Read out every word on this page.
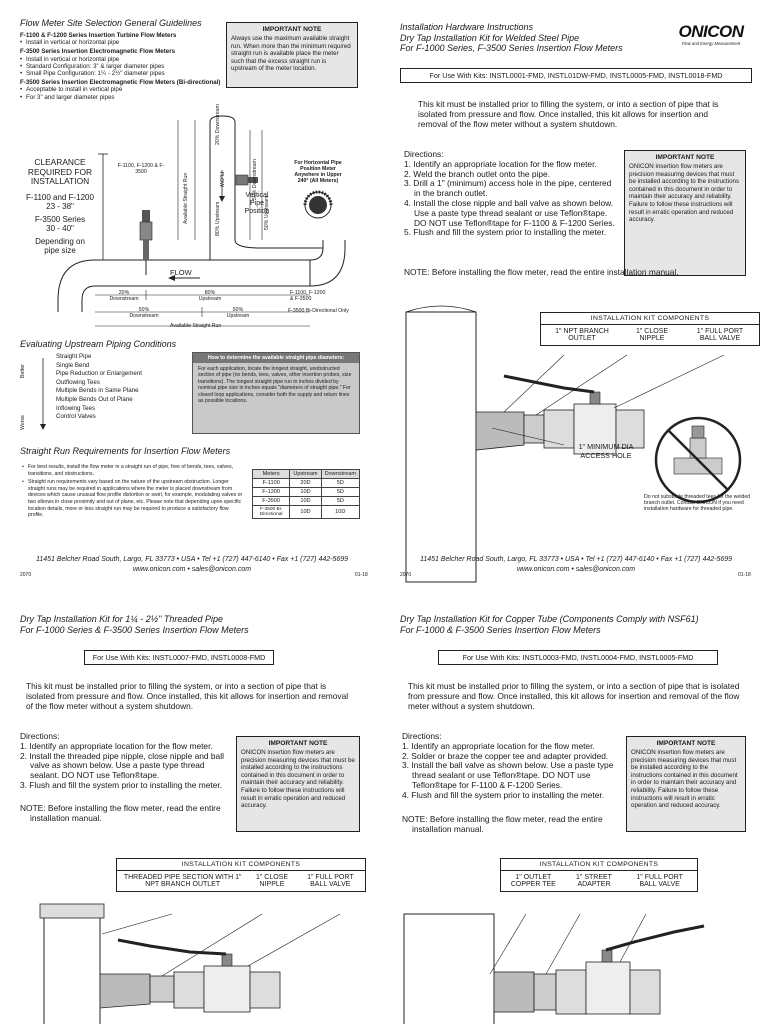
Flow Meter Site Selection General Guidelines
F-1100 & F-1200 Series Insertion Turbine Flow Meters
• Install in vertical or horizontal pipe
F-3500 Series Insertion Electromagnetic Flow Meters
• Install in vertical or horizontal pipe
• Standard Configuration: 3" & larger diameter pipes
• Small Pipe Configuration: 1¼ - 2½" diameter pipes
F-3500 Series Insertion Electromagnetic Flow Meters (Bi-directional)
• Acceptable to install in vertical pipe
• For 3" and larger diameter pipes
IMPORTANT NOTE
Always use the maximum available straight run. When more than the minimum required straight run is available place the meter such that the excess straight run is upstream of the meter location.
CLEARANCE
REQUIRED FOR
INSTALLATION
F-1100 and F-1200
23 - 38"
F-3500 Series
30 - 40"
Depending on
pipe size
F-1100, F-1200 & F-3500
Vertical
Pipe
Position
For Horizontal Pipe
Position Meter
Anywhere in Upper
240° (All Meters)
FLOW
FLOW
20% Downstream
80% Upstream
Available Straight Run	50% Downstream
50% Upstream
20%
Downstream
80%
Upstream
F-1100, F-1200
& F-3500
50%
Downstream
50%
Upstream
F-3500 Bi-Directional Only
Available Straight Run
Evaluating Upstream Piping Conditions
Better
Worse
Straight Pipe
Single Bend
Pipe Reduction or Enlargement
Outflowing Tees
Multiple Bends in Same Plane
Multiple Bends Out of Plane
Inflowing Tees
Control Valves
How to determine the available straight pipe diameters:
For each application, locate the longest straight, unobstructed section of pipe (no bends, tees, valves, other insertion probes, size transitions). The longest straight pipe run in inches divided by nominal pipe size in inches equals "diameters of straight pipe." For closed loop applications, consider both the supply and return lines as possible locations.
Straight Run Requirements for Insertion Flow Meters
• For best results, install the flow meter in a straight run of pipe, free of bends, tees, valves, transitions, and obstructions.
• Straight run requirements vary based on the nature of the upstream obstruction. Longer straight runs may be required in applications where the meter is placed downstream from devices which cause unusual flow profile distortion or swirl, for example, modulating valves or two elbows in close proximity and out of plane, etc. Please note that depending upon specific location details, more or less straight run may be required to produce a satisfactory flow profile.
Meters	Upstream	Downstream
F-1100	20D	5D
F-1200	10D	5D
F-3500	10D	5D
F-3500 Bi-Directional	10D	10D
11451 Belcher Road South, Largo, FL 33773 • USA • Tel +1 (727) 447-6140 • Fax +1 (727) 442-5699
www.onicon.com • sales@onicon.com
2070	01-18
Installation Hardware Instructions
Dry Tap Installation Kit for Welded Steel Pipe
For F-1000 Series, F-3500 Series Insertion Flow Meters
ONICON
Flow and Energy Measurement
For Use With Kits: INSTL0001-FMD, INSTL01DW-FMD, INSTL0005-FMD, INSTL0018-FMD
This kit must be installed prior to filling the system, or into a section of pipe that is isolated from pressure and flow. Once installed, this kit allows for insertion and removal of the flow meter without a system shutdown.
Directions:
1. Identify an appropriate location for the flow meter.
2. Weld the branch outlet onto the pipe.
3. Drill a 1" (minimum) access hole in the pipe, centered in the branch outlet.
4. Install the close nipple and ball valve as shown below. Use a paste type thread sealant or use Teflon®tape. DO NOT use Teflon®tape for F-1100 & F-1200 Series.
5. Flush and fill the system prior to installing the meter.
IMPORTANT NOTE
ONICON insertion flow meters are precision measuring devices that must be installed according to the instructions contained in this document in order to maintain their accuracy and reliability. Failure to follow these instructions will result in erratic operation and reduced accuracy.
NOTE: Before installing the flow meter, read the entire installation manual.
INSTALLATION KIT COMPONENTS
1" NPT BRANCH OUTLET
1" CLOSE NIPPLE
1" FULL PORT BALL VALVE
1" MINIMUM DIA
ACCESS HOLE
Do not substitute threaded tees for the welded branch outlet. Contact ONICON if you need installation hardware for threaded pipe.
11451 Belcher Road South, Largo, FL 33773 • USA • Tel +1 (727) 447-6140 • Fax +1 (727) 442-5699
www.onicon.com • sales@onicon.com
2070	01-18
Dry Tap Installation Kit for 1¼ - 2½" Threaded Pipe
For F-1000 Series & F-3500 Series Insertion Flow Meters
For Use With Kits: INSTL0007-FMD, INSTL0008-FMD
This kit must be installed prior to filling the system, or into a section of pipe that is isolated from pressure and flow. Once installed, this kit allows for insertion and removal of the flow meter without a system shutdown.
Directions:
1. Identify an appropriate location for the flow meter.
2. Install the threaded pipe nipple, close nipple and ball valve as shown below. Use a paste type thread sealant. DO NOT use Teflon®tape.
3. Flush and fill the system prior to installing the meter.
NOTE: Before installing the flow meter, read the entire installation manual.
IMPORTANT NOTE
ONICON insertion flow meters are precision measuring devices that must be installed according to the instructions contained in this document in order to maintain their accuracy and reliability. Failure to follow these instructions will result in erratic operation and reduced accuracy.
INSTALLATION KIT COMPONENTS
THREADED PIPE SECTION WITH 1" NPT BRANCH OUTLET
1" CLOSE NIPPLE
1" FULL PORT BALL VALVE
Dry Tap Installation Kit for Copper Tube (Components Comply with NSF61)
For F-1000 & F-3500 Series Insertion Flow Meters
For Use With Kits: INSTL0003-FMD, INSTL0004-FMD, INSTL0005-FMD
This kit must be installed prior to filling the system, or into a section of pipe that is isolated from pressure and flow. Once installed, this kit allows for insertion and removal of the flow meter without a system shutdown.
Directions:
1. Identify an appropriate location for the flow meter.
2. Solder or braze the copper tee and adapter provided.
3. Install the ball valve as shown below. Use a paste type thread sealant or use Teflon®tape. DO NOT use Teflon®tape for F-1100 & F-1200 Series.
4. Flush and fill the system prior to installing the meter.
NOTE: Before installing the flow meter, read the entire installation manual.
IMPORTANT NOTE
ONICON insertion flow meters are precision measuring devices that must be installed according to the instructions contained in this document in order to maintain their accuracy and reliability. Failure to follow these instructions will result in erratic operation and reduced accuracy.
INSTALLATION KIT COMPONENTS
1" OUTLET COPPER TEE
1" STREET ADAPTER
1" FULL PORT BALL VALVE
